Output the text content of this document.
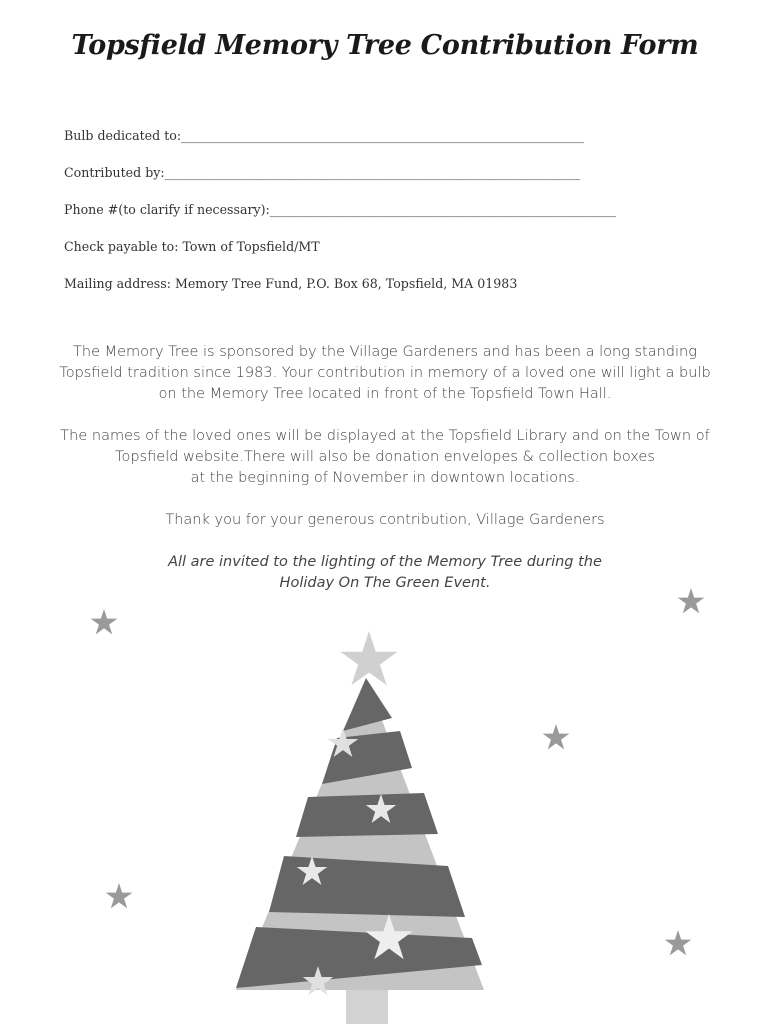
Topsfield Memory Tree Contribution Form
Bulb dedicated to:________________________________________________________________
Contributed by:__________________________________________________________________
Phone #(to clarify if necessary):_______________________________________________________
Check payable to: Town of Topsfield/MT
Mailing address: Memory Tree Fund, P.O. Box 68, Topsfield, MA 01983
The Memory Tree is sponsored by the Village Gardeners and has been a long standing
Topsfield tradition since 1983. Your contribution in memory of a loved one will light a bulb
on the Memory Tree located in front of the Topsfield Town Hall.
The names of the loved ones will be displayed at the Topsfield Library and on the Town of
Topsfield website.There will also be donation envelopes & collection boxes
at the beginning of November in downtown locations.
Thank you for your generous contribution, Village Gardeners
All are invited to the lighting of the Memory Tree during the
Holiday On The Green Event.
